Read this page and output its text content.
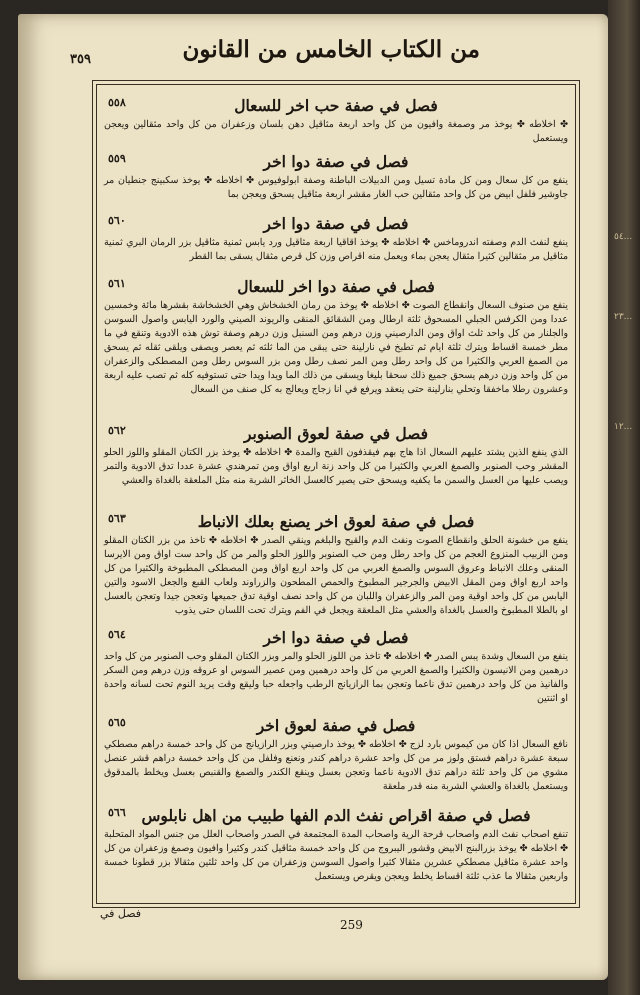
...٥٤
...٢٣
...١٢
من الكتاب الخامس من القانون
٣٥٩
٥٥٨	فصل في صفة حب اخر للسعال
✤ اخلاطه ✤ يوخذ مر وصمغة وافيون من كل واحد اربعة مثاقيل دهن بلسان وزعفران من كل واحد مثقالين ويعجن ويستعمل
٥٥٩	فصل في صفة دوا اخر
ينفع من كل سعال ومن كل مادة تسيل ومن الدبيلات الباطنة وصفة ابولوفيوس ✤ اخلاطه ✤ يوخذ سكبينج جنطيان مر جاوشير فلفل ابيض من كل واحد مثقالين حب الغار مقشر اربعة مثاقيل يسحق ويعجن بما
٥٦٠	فصل في صفة دوا اخر
ينفع لنفث الدم وصفته اندروماخس ✤ اخلاطه ✤ يوخذ اقاقيا اربعة مثاقيل ورد يابس ثمنية مثاقيل بزر الرمان البري ثمنية مثاقيل مر مثقالين كثيرا مثقال يعجن بماء ويعمل منه اقراص وزن كل قرص مثقال يسقى بما القطر
٥٦١	فصل في صفة دوا اخر للسعال
ينفع من صنوف السعال وانقطاع الصوت ✤ اخلاطه ✤ يوخذ من رمان الخشخاش وهي الخشخاشة بقشرها مائة وخمسين عددا ومن الكرفس الجبلي المسحوق ثلثة ارطال ومن الشقائق المنقى والريوند الصيني والورد اليابس واصول السوسن والجلنار من كل واحد ثلث اواق ومن الدارصيني وزن درهم ومن السنبل وزن درهم وصفة توش هذه الادوية وتنقع في ما مطر خمسة اقساط ويترك ثلثة ايام ثم تطبخ في نارلينة حتى يبقى من الما ثلثه ثم يعصر ويصفى ويلقى ثقله ثم يسحق من الصمغ العربي والكثيرا من كل واحد رطل ومن المر نصف رطل ومن بزر السوس رطل ومن المصطكى والزعفران من كل واحد وزن درهم يسحق جميع ذلك سحقا بليغا ويسقى من ذلك الما ويدا ويدا حتى تستوفيه كله ثم تصب عليه اربعة وعشرون رطلا ماخفقا وتحلي بنارلينة حتى ينعقد ويرفع في انا زجاج ويعالج به كل صنف من السعال
٥٦٢	فصل في صفة لعوق الصنوبر
الذي ينفع الذين يشتد عليهم السعال اذا هاج بهم فيقذفون القيح والمدة ✤ اخلاطه ✤ يوخذ بزر الكتان المقلو واللوز الحلو المقشر وحب الصنوبر والصمغ العربي والكثيرا من كل واحد زنة اربع اواق ومن تمرهندي عشرة عددا تدق الادوية والتمر ويصب عليها من العسل والسمن ما يكفيه ويسحق حتى يصير كالعسل الخاثر الشربة منه مثل الملعقة بالغداة والعشي
٥٦٣	فصل في صفة لعوق اخر يصنع بعلك الانباط
ينفع من خشونة الحلق وانقطاع الصوت ونفث الدم والقيح والبلغم وينقي الصدر ✤ اخلاطه ✤ تاخذ من بزر الكتان المقلو ومن الزبيب المنزوع العجم من كل واحد رطل ومن حب الصنوبر واللوز الحلو والمر من كل واحد ست اواق ومن الايرسا المنقى وعلك الانباط وعروق السوس والصمغ العربي من كل واحد اربع اواق ومن المصطكى المطبوخة والكثيرا من كل واحد اربع اواق ومن المقل الابيض والجرجير المطبوخ والحمص المطحون والزراوند ولعاب القبع والجعل الاسود والتين اليابس من كل واحد اوقية ومن المر والزعفران واللبان من كل واحد نصف اوقية تدق جميعها وتعجن جيدا وتعجن بالعسل او بالطلا المطبوخ والعسل بالغداة والعشي مثل الملعقة ويجعل في الفم ويترك تحت اللسان حتى يذوب
٥٦٤	فصل في صفة دوا اخر
ينفع من السعال وشدة يبس الصدر ✤ اخلاطه ✤ تاخذ من اللوز الحلو والمر وبزر الكتان المقلو وحب الصنوبر من كل واحد درهمين ومن الانيسون والكثيرا والصمغ العربي من كل واحد درهمين ومن عصير السوس او عروقه وزن درهم ومن السكر والفانيذ من كل واحد درهمين تدق ناعما وتعجن بما الرازيانج الرطب واجعله حبا وليقع وقت يريد النوم تحت لسانه واحدة او اثنتين
٥٦٥	فصل في صفة لعوق اخر
نافع السعال اذا كان من كيموس بارد لزج ✤ اخلاطه ✤ يوخذ دارصيني وبزر الرازيانج من كل واحد خمسة دراهم مصطكي سبعة عشرة دراهم فستق ولوز مر من كل واحد عشرة دراهم كندر ونعنع وفلفل من كل واحد خمسة دراهم قشر عنصل مشوي من كل واحد ثلثة دراهم تدق الادوية ناعما وتعجن بعسل وينقع الكندر والصمغ والقنبص بعسل ويخلط بالمدقوق ويستعمل بالغداة والعشي الشربة منه قدر ملعقة
٥٦٦	فصل في صفة اقراص نفث الدم الفها طبيب من اهل نابلوس
تنفع اصحاب نفث الدم واصحاب قرحة الرية واصحاب المدة المجتمعة في الصدر واصحاب العلل من جنس المواد المتحلبة ✤ اخلاطه ✤ يوخذ بزرالبنج الابيض وقشور اليبروج من كل واحد خمسة مثاقيل كندر وكثيرا وافيون وصمغ وزعفران من كل واحد عشرة مثاقيل مصطكي عشرين مثقالا كثيرا واصول السوسن وزعفران من كل واحد ثلثين مثقالا بزر قطونا خمسة واربعين مثقالا ما عذب ثلثة اقساط يخلط ويعجن ويقرص ويستعمل
فصل في
259
